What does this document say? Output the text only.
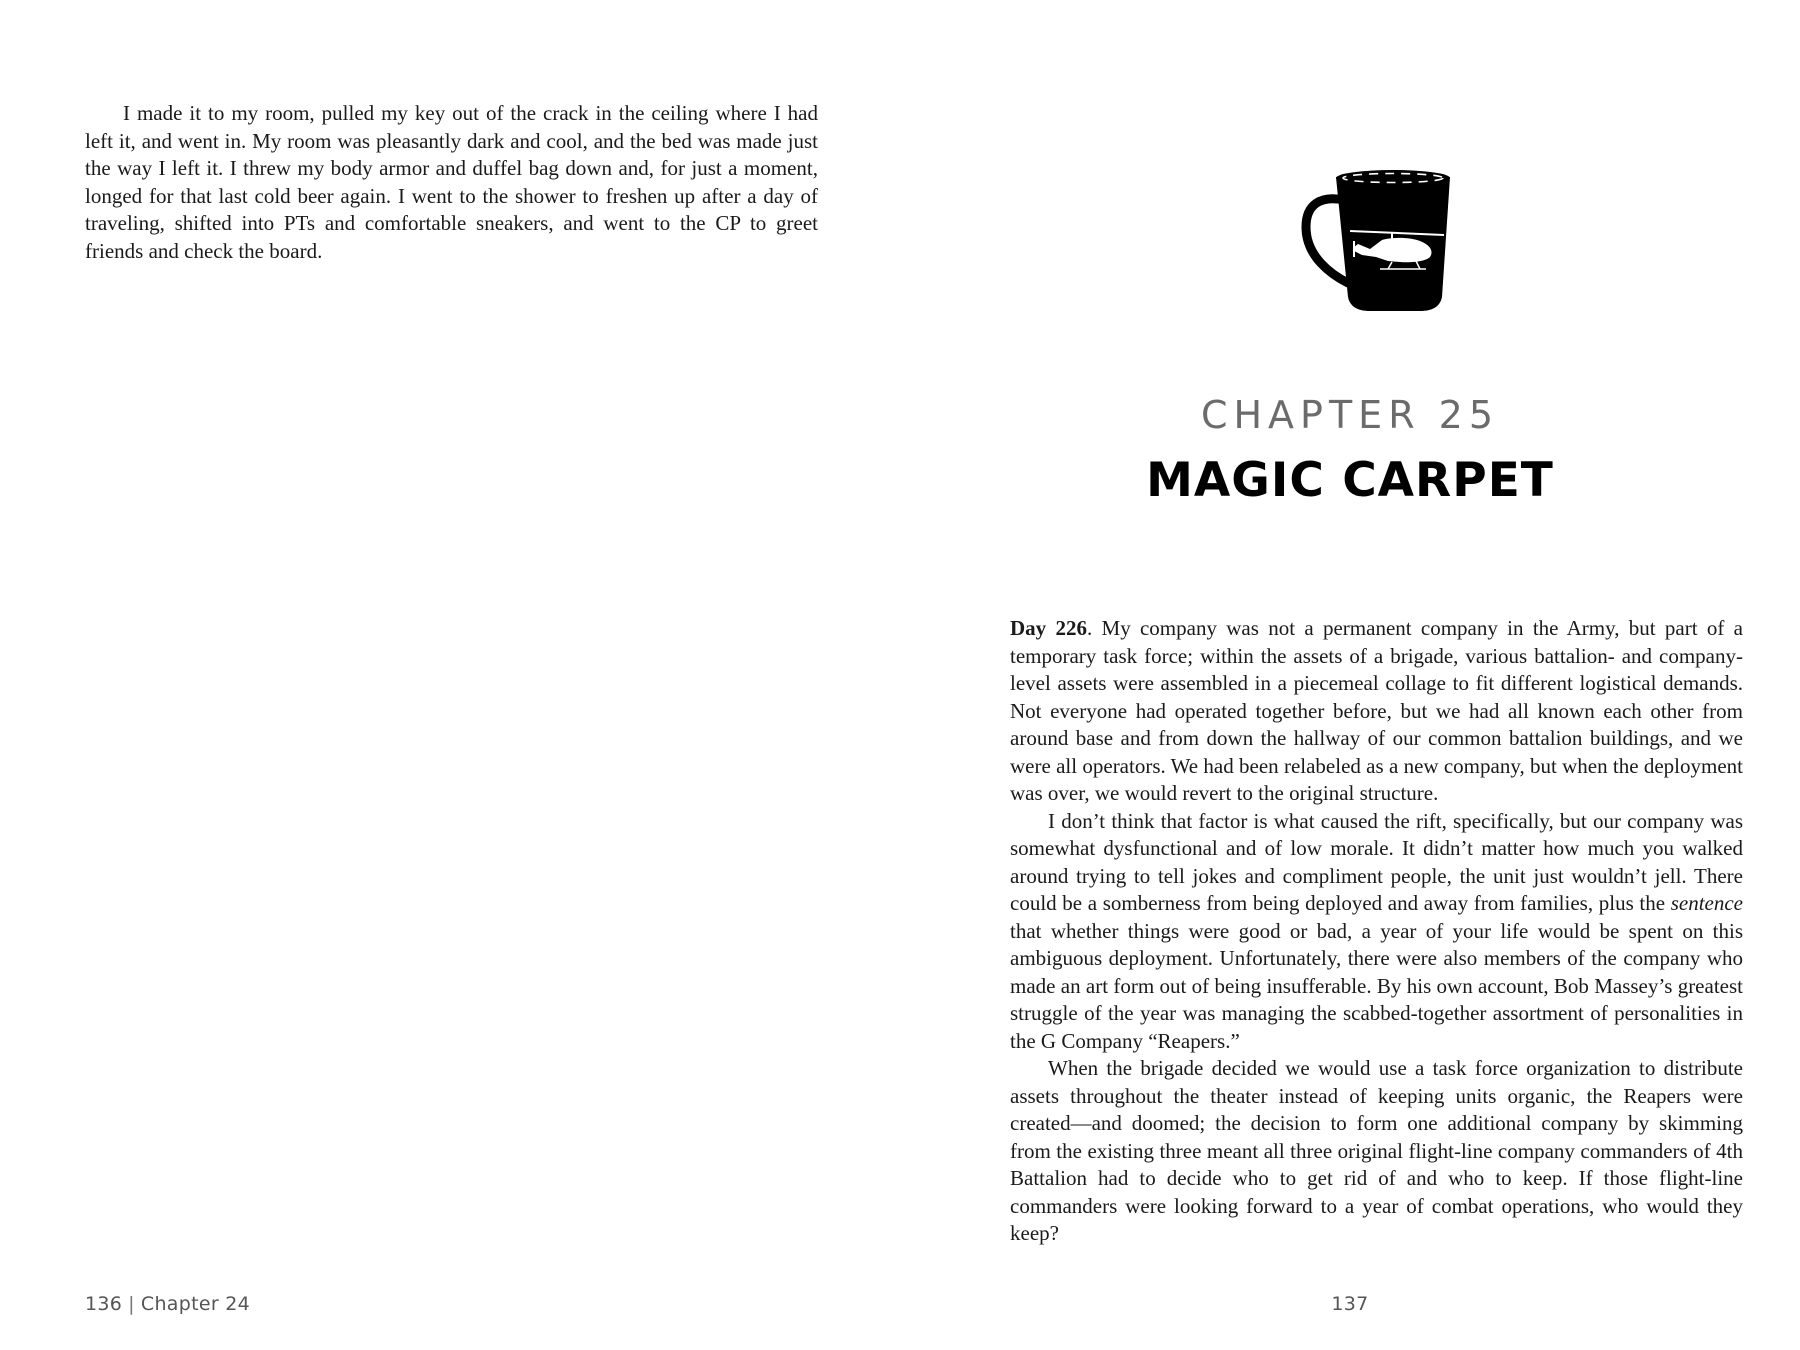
I made it to my room, pulled my key out of the crack in the ceiling where I had left it, and went in. My room was pleasantly dark and cool, and the bed was made just the way I left it. I threw my body armor and duffel bag down and, for just a moment, longed for that last cold beer again. I went to the shower to freshen up after a day of traveling, shifted into PTs and comfortable sneakers, and went to the CP to greet friends and check the board.

136 | Chapter 24
CHAPTER 25
MAGIC CARPET

Day 226. My company was not a permanent company in the Army, but part of a temporary task force; within the assets of a brigade, various battalion- and company-level assets were assembled in a piecemeal collage to fit different logistical demands. Not everyone had operated together before, but we had all known each other from around base and from down the hallway of our common battalion buildings, and we were all operators. We had been relabeled as a new company, but when the deployment was over, we would revert to the original structure.

I don’t think that factor is what caused the rift, specifically, but our company was somewhat dysfunctional and of low morale. It didn’t matter how much you walked around trying to tell jokes and compliment people, the unit just wouldn’t jell. There could be a somberness from being deployed and away from families, plus the sentence that whether things were good or bad, a year of your life would be spent on this ambiguous deployment. Unfortunately, there were also members of the company who made an art form out of being insufferable. By his own account, Bob Massey’s greatest struggle of the year was managing the scabbed-together assortment of personalities in the G Company “Reapers.”

When the brigade decided we would use a task force organization to distribute assets throughout the theater instead of keeping units organic, the Reapers were created—and doomed; the decision to form one additional company by skimming from the existing three meant all three original flight-line company commanders of 4th Battalion had to decide who to get rid of and who to keep. If those flight-line commanders were looking forward to a year of combat operations, who would they keep?

137
